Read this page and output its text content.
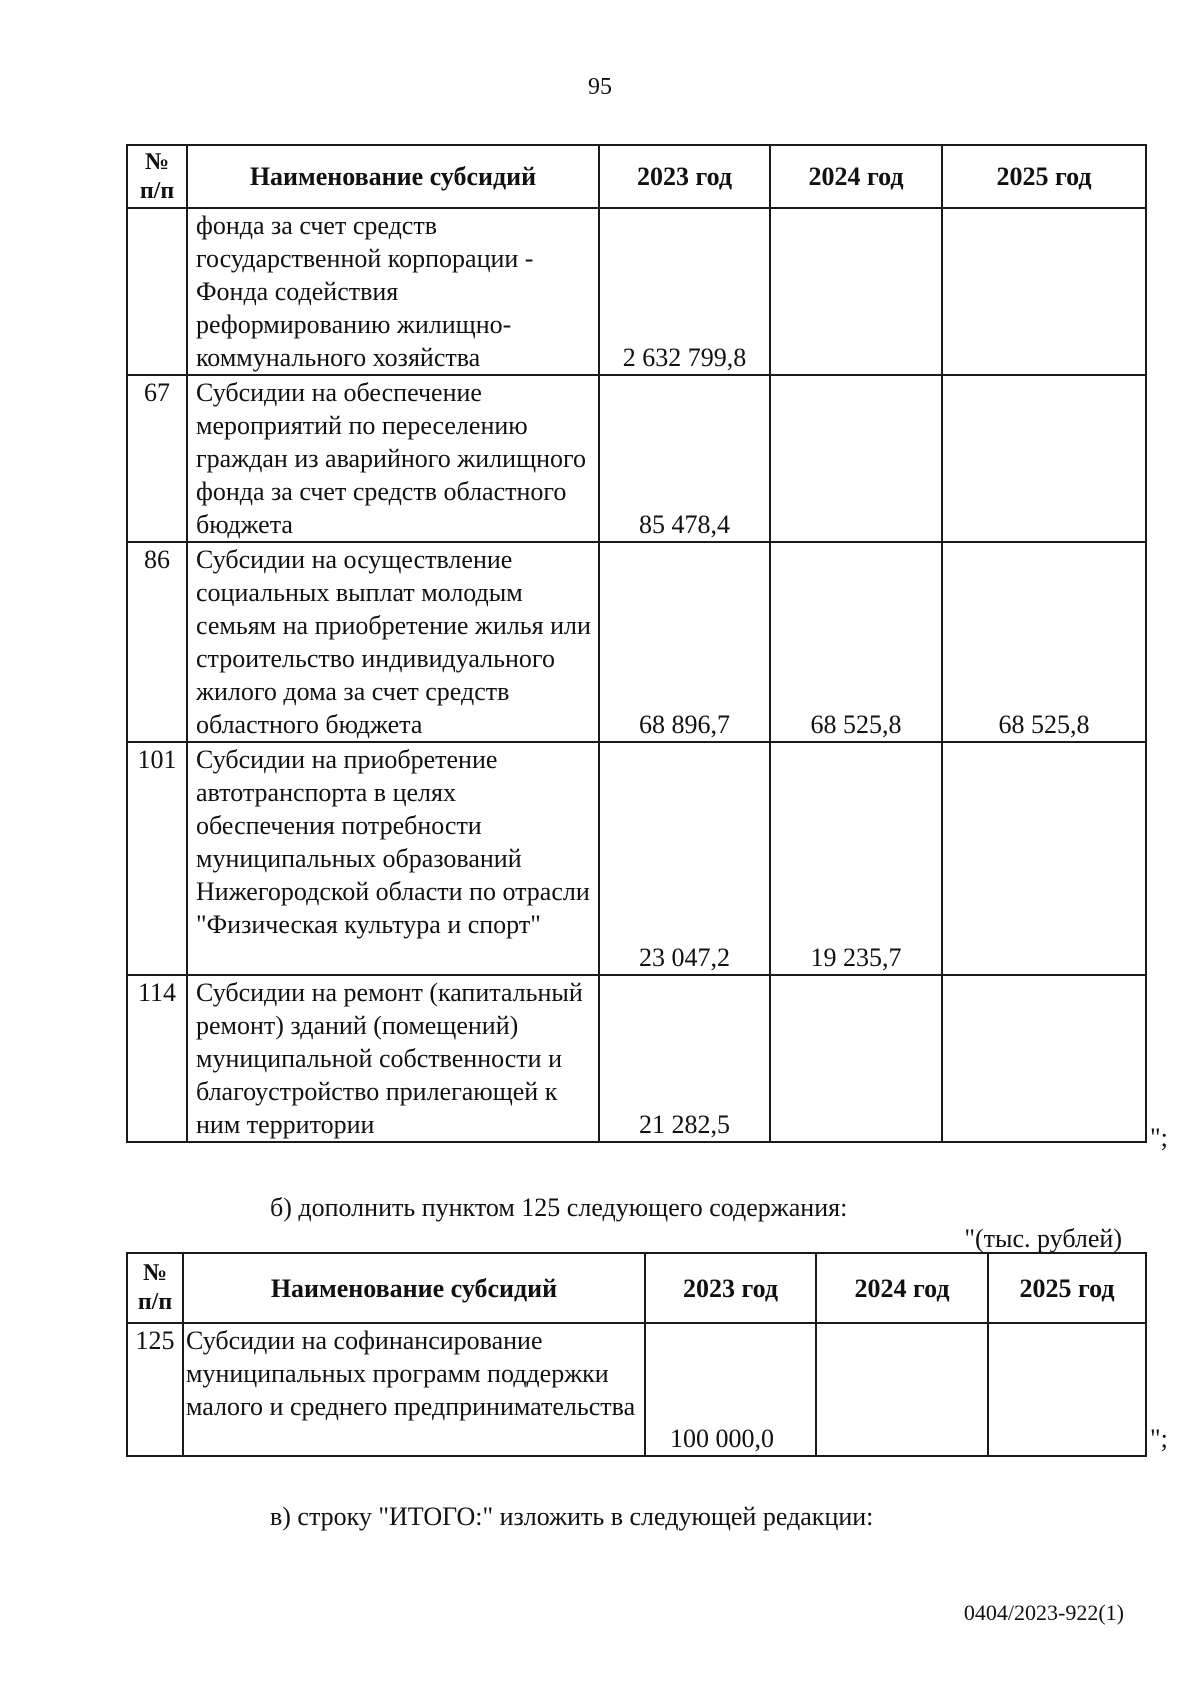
95
№
п/п	Наименование субсидий	2023 год	2024 год	2025 год
	фонда за счет средств государственной корпорации - Фонда содействия реформированию жилищно-коммунального хозяйства	2 632 799,8		
67	Субсидии на обеспечение мероприятий по переселению граждан из аварийного жилищного фонда за счет средств областного бюджета	85 478,4		
86	Субсидии на осуществление социальных выплат молодым семьям на приобретение жилья или строительство индивидуального жилого дома за счет средств областного бюджета	68 896,7	68 525,8	68 525,8
101	Субсидии на приобретение автотранспорта в целях обеспечения потребности муниципальных образований Нижегородской области по отрасли "Физическая культура и спорт"	23 047,2	19 235,7	
114	Субсидии на ремонт (капитальный ремонт) зданий (помещений) муниципальной собственности и благоустройство прилегающей к ним территории	21 282,5			";
б) дополнить пунктом 125 следующего содержания:
"(тыс. рублей)
№
п/п	Наименование субсидий	2023 год	2024 год	2025 год
125	Субсидии на софинансирование муниципальных программ поддержки малого и среднего предпринимательства	100 000,0			";
в) строку "ИТОГО:" изложить в следующей редакции:
0404/2023-922(1)
